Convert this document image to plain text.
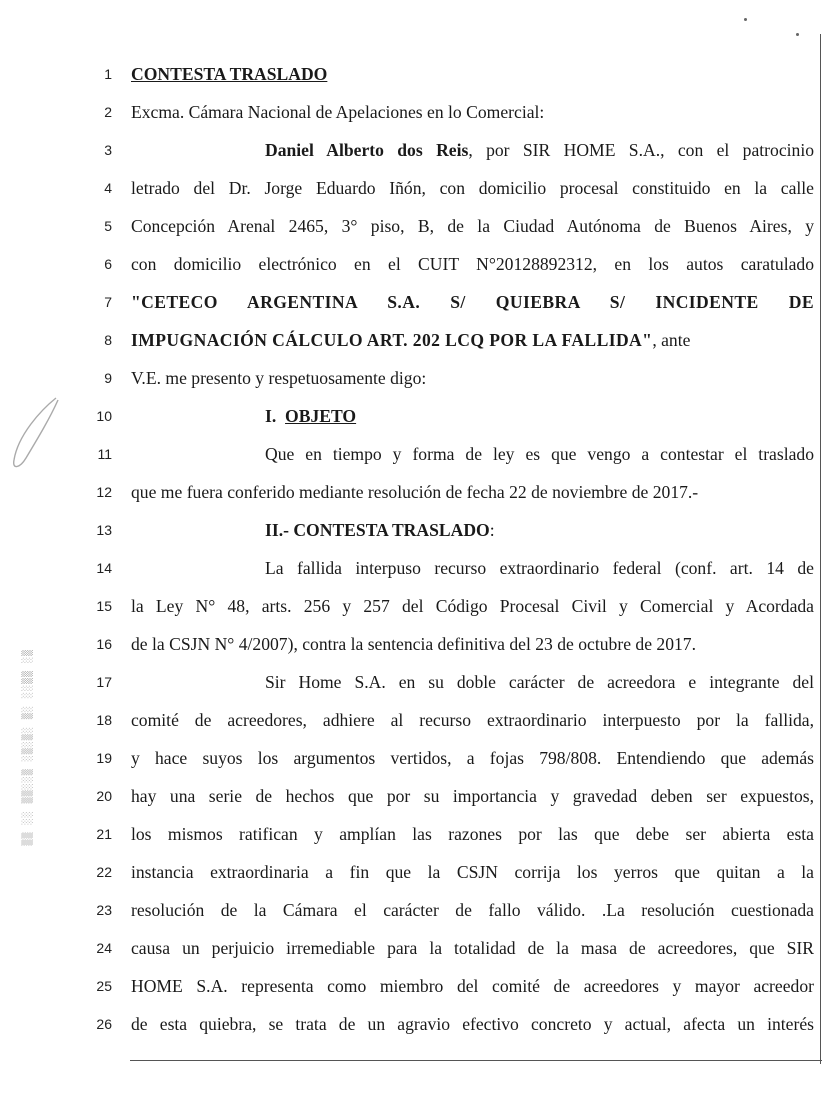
▒▒ ░░ ▒▒░░▒ ░▒░▒░ ▒░ ░░▒▒ ░▒
1 CONTESTA TRASLADO
2 Excma. Cámara Nacional de Apelaciones en lo Comercial:
3	Daniel Alberto dos Reis, por SIR HOME S.A., con el patrocinio
4 letrado del Dr. Jorge Eduardo Iñón, con domicilio procesal constituido en la calle
5 Concepción Arenal 2465, 3° piso, B, de la Ciudad Autónoma de Buenos Aires, y
6 con domicilio electrónico en el CUIT N°20128892312, en los autos caratulado
7 "CETECO ARGENTINA S.A. S/ QUIEBRA S/ INCIDENTE DE
8 IMPUGNACIÓN CÁLCULO ART. 202 LCQ POR LA FALLIDA", ante
9 V.E. me presento y respetuosamente digo:
10	I.  OBJETO
11	Que en tiempo y forma de ley es que vengo a contestar el traslado
12 que me fuera conferido mediante resolución de fecha 22 de noviembre de 2017.-
13	II.- CONTESTA TRASLADO:
14	La fallida interpuso recurso extraordinario federal (conf. art. 14 de
15 la Ley N° 48, arts. 256 y 257 del Código Procesal Civil y Comercial y Acordada
16 de la CSJN N° 4/2007), contra la sentencia definitiva del 23 de octubre de 2017.
17	Sir Home S.A. en su doble carácter de acreedora e integrante del
18 comité de acreedores, adhiere al recurso extraordinario interpuesto por la fallida,
19 y hace suyos los argumentos vertidos, a fojas 798/808. Entendiendo que además
20 hay una serie de hechos que por su importancia y gravedad deben ser expuestos,
21 los mismos ratifican y amplían las razones por las que debe ser abierta esta
22 instancia extraordinaria a fin que la CSJN corrija los yerros que quitan a la
23 resolución de la Cámara el carácter de fallo válido. .La resolución cuestionada
24 causa un perjuicio irremediable para la totalidad de la masa de acreedores, que SIR
25 HOME S.A. representa como miembro del comité de acreedores y mayor acreedor
26 de esta quiebra, se trata de un agravio efectivo concreto y actual, afecta un interés
